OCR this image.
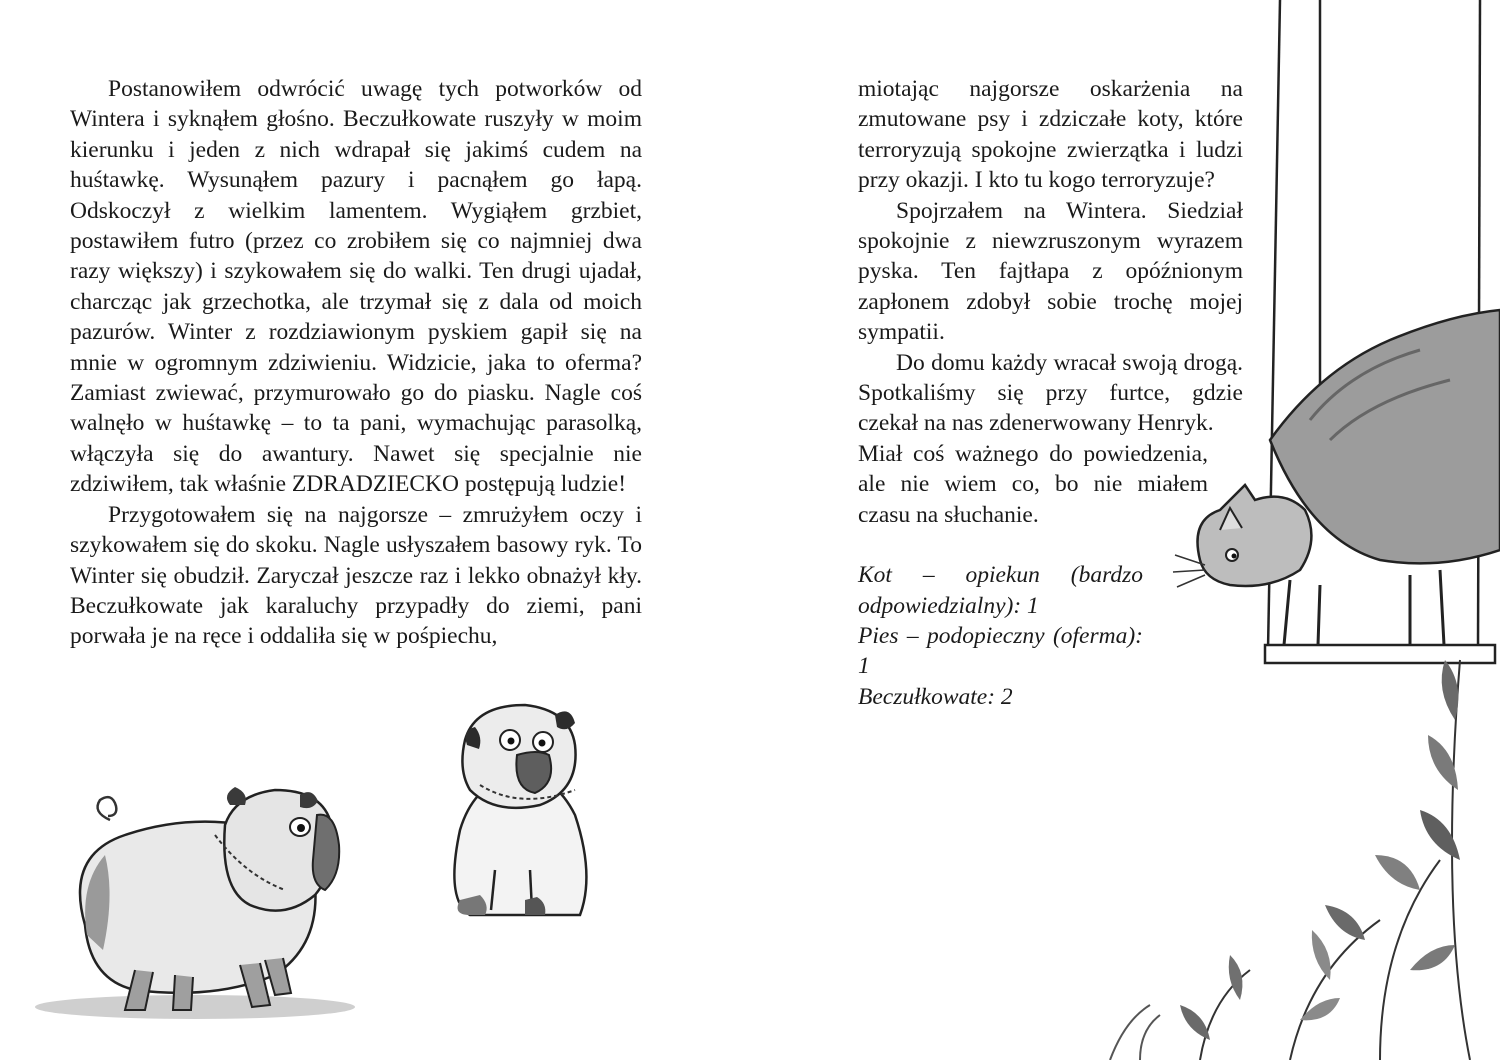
Postanowiłem odwrócić uwagę tych potworków od Wintera i syknąłem głośno. Beczułkowate ruszyły w moim kierunku i jeden z nich wdrapał się jakimś cudem na huśtawkę. Wysunąłem pazury i pacnąłem go łapą. Odskoczył z wielkim lamentem. Wygiąłem grzbiet, postawiłem futro (przez co zrobiłem się co najmniej dwa razy większy) i szykowałem się do walki. Ten drugi ujadał, charcząc jak grzechotka, ale trzymał się z dala od moich pazurów. Winter z rozdziawionym pyskiem gapił się na mnie w ogromnym zdziwieniu. Widzicie, jaka to oferma? Zamiast zwiewać, przymurowało go do piasku. Nagle coś walnęło w huśtawkę – to ta pani, wymachując parasolką, włączyła się do awantury. Nawet się specjalnie nie zdziwiłem, tak właśnie ZDRADZIECKO postępują ludzie!

Przygotowałem się na najgorsze – zmrużyłem oczy i szykowałem się do skoku. Nagle usłyszałem basowy ryk. To Winter się obudził. Zaryczał jeszcze raz i lekko obnażył kły. Beczułkowate jak karaluchy przypadły do ziemi, pani porwała je na ręce i oddaliła się w pośpiechu,

miotając najgorsze oskarżenia na zmutowane psy i zdziczałe koty, które terroryzują spokojne zwierzątka i ludzi przy okazji. I kto tu kogo terroryzuje?

Spojrzałem na Wintera. Siedział spokojnie z niewzruszonym wyrazem pyska. Ten fajtłapa z opóźnionym zapłonem zdobył sobie trochę mojej sympatii.

Do domu każdy wracał swoją drogą. Spotkaliśmy się przy furtce, gdzie czekał na nas zdenerwowany Henryk.

Miał coś ważnego do powiedzenia, ale nie wiem co, bo nie miałem czasu na słuchanie.

Kot – opiekun (bardzo odpowiedzialny): 1
Pies – podopieczny (oferma): 1
Beczułkowate: 2
